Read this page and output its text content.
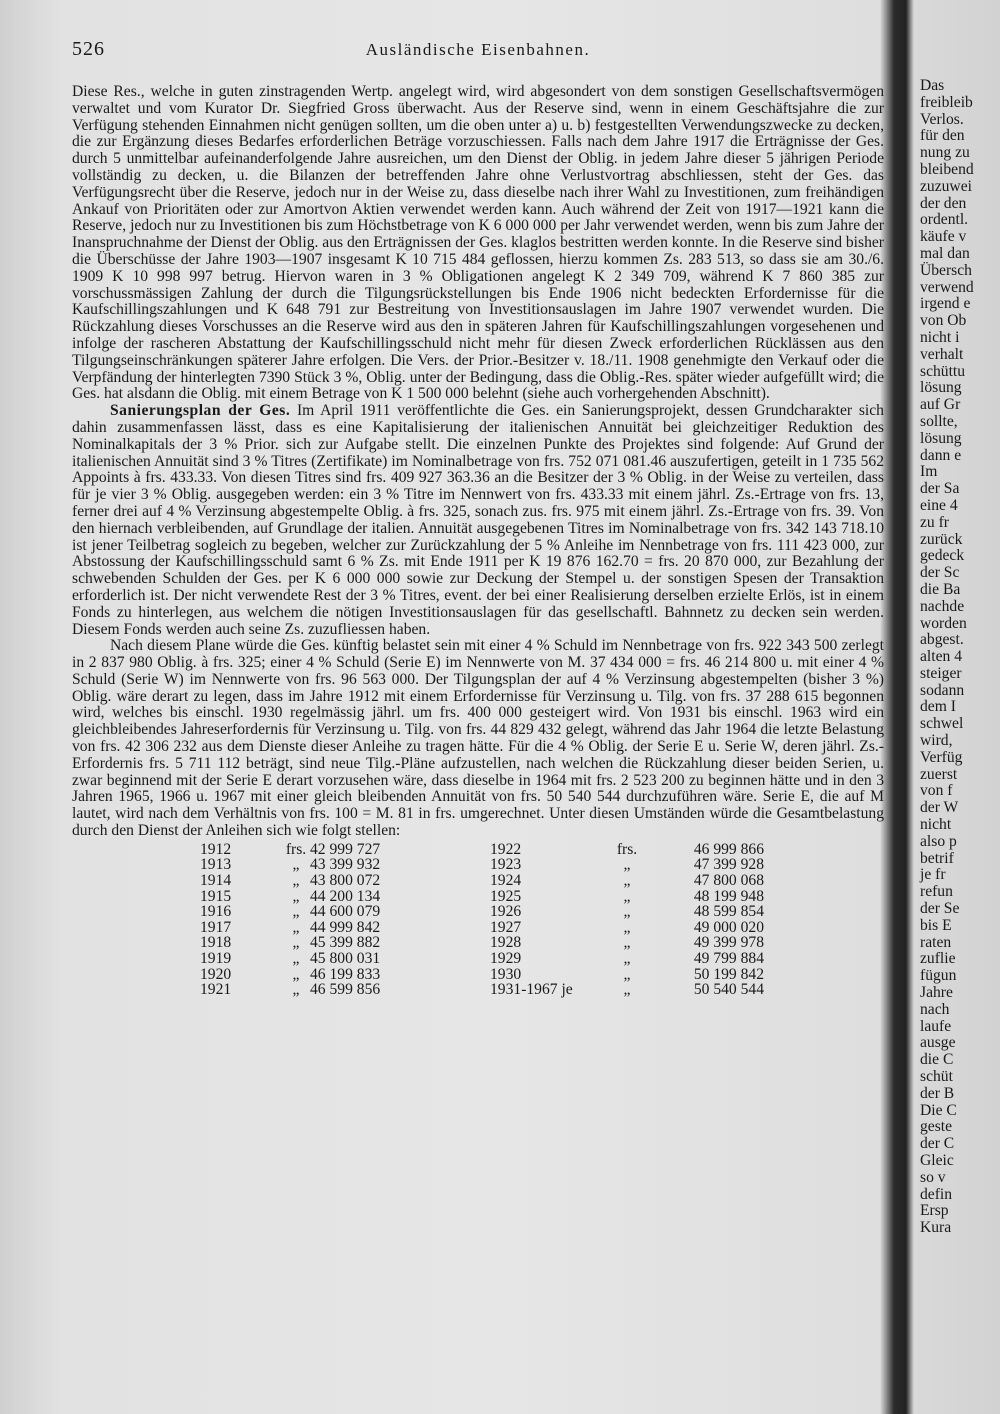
526	Ausländische Eisenbahnen.

Diese Res., welche in guten zinstragenden Wertp. angelegt wird, wird abgesondert von dem sonstigen Gesellschaftsvermögen verwaltet und vom Kurator Dr. Siegfried Gross überwacht. Aus der Reserve sind, wenn in einem Geschäftsjahre die zur Verfügung stehenden Einnahmen nicht genügen sollten, um die oben unter a) u. b) festgestellten Verwendungszwecke zu decken, die zur Ergänzung dieses Bedarfes erforderlichen Beträge vorzuschiessen. Falls nach dem Jahre 1917 die Erträgnisse der Ges. durch 5 unmittelbar aufeinanderfolgende Jahre ausreichen, um den Dienst der Oblig. in jedem Jahre dieser 5 jährigen Periode vollständig zu decken, u. die Bilanzen der betreffenden Jahre ohne Verlustvortrag abschliessen, steht der Ges. das Verfügungsrecht über die Reserve, jedoch nur in der Weise zu, dass dieselbe nach ihrer Wahl zu Investitionen, zum freihändigen Ankauf von Prioritäten oder zur Amortvon Aktien verwendet werden kann. Auch während der Zeit von 1917—1921 kann die Reserve, jedoch nur zu Investitionen bis zum Höchstbetrage von K 6 000 000 per Jahr verwendet werden, wenn bis zum Jahre der Inanspruchnahme der Dienst der Oblig. aus den Erträgnissen der Ges. klaglos bestritten werden konnte. In die Reserve sind bisher die Überschüsse der Jahre 1903—1907 insgesamt K 10 715 484 geflossen, hierzu kommen Zs. 283 513, so dass sie am 30./6. 1909 K 10 998 997 betrug. Hiervon waren in 3 % Obligationen angelegt K 2 349 709, während K 7 860 385 zur vorschussmässigen Zahlung der durch die Tilgungsrückstellungen bis Ende 1906 nicht bedeckten Erfordernisse für die Kaufschillingszahlungen und K 648 791 zur Bestreitung von Investitionsauslagen im Jahre 1907 verwendet wurden. Die Rückzahlung dieses Vorschusses an die Reserve wird aus den in späteren Jahren für Kaufschillingszahlungen vorgesehenen und infolge der rascheren Abstattung der Kaufschillingsschuld nicht mehr für diesen Zweck erforderlichen Rücklässen aus den Tilgungseinschränkungen späterer Jahre erfolgen. Die Vers. der Prior.-Besitzer v. 18./11. 1908 genehmigte den Verkauf oder die Verpfändung der hinterlegten 7390 Stück 3 %, Oblig. unter der Bedingung, dass die Oblig.-Res. später wieder aufgefüllt wird; die Ges. hat alsdann die Oblig. mit einem Betrage von K 1 500 000 belehnt (siehe auch vorhergehenden Abschnitt).

Sanierungsplan der Ges. Im April 1911 veröffentlichte die Ges. ein Sanierungsprojekt, dessen Grundcharakter sich dahin zusammenfassen lässt, dass es eine Kapitalisierung der italienischen Annuität bei gleichzeitiger Reduktion des Nominalkapitals der 3 % Prior. sich zur Aufgabe stellt. Die einzelnen Punkte des Projektes sind folgende: Auf Grund der italienischen Annuität sind 3 % Titres (Zertifikate) im Nominalbetrage von frs. 752 071 081.46 auszufertigen, geteilt in 1 735 562 Appoints à frs. 433.33. Von diesen Titres sind frs. 409 927 363.36 an die Besitzer der 3 % Oblig. in der Weise zu verteilen, dass für je vier 3 % Oblig. ausgegeben werden: ein 3 % Titre im Nennwert von frs. 433.33 mit einem jährl. Zs.-Ertrage von frs. 13, ferner drei auf 4 % Verzinsung abgestempelte Oblig. à frs. 325, sonach zus. frs. 975 mit einem jährl. Zs.-Ertrage von frs. 39. Von den hiernach verbleibenden, auf Grundlage der italien. Annuität ausgegebenen Titres im Nominalbetrage von frs. 342 143 718.10 ist jener Teilbetrag sogleich zu begeben, welcher zur Zurückzahlung der 5 % Anleihe im Nennbetrage von frs. 111 423 000, zur Abstossung der Kaufschillingsschuld samt 6 % Zs. mit Ende 1911 per K 19 876 162.70 = frs. 20 870 000, zur Bezahlung der schwebenden Schulden der Ges. per K 6 000 000 sowie zur Deckung der Stempel u. der sonstigen Spesen der Transaktion erforderlich ist. Der nicht verwendete Rest der 3 % Titres, event. der bei einer Realisierung derselben erzielte Erlös, ist in einem Fonds zu hinterlegen, aus welchem die nötigen Investitionsauslagen für das gesellschaftl. Bahnnetz zu decken sein werden. Diesem Fonds werden auch seine Zs. zuzufliessen haben.

Nach diesem Plane würde die Ges. künftig belastet sein mit einer 4 % Schuld im Nennbetrage von frs. 922 343 500 zerlegt in 2 837 980 Oblig. à frs. 325; einer 4 % Schuld (Serie E) im Nennwerte von M. 37 434 000 = frs. 46 214 800 u. mit einer 4 % Schuld (Serie W) im Nennwerte von frs. 96 563 000. Der Tilgungsplan der auf 4 % Verzinsung abgestempelten (bisher 3 %) Oblig. wäre derart zu legen, dass im Jahre 1912 mit einem Erfordernisse für Verzinsung u. Tilg. von frs. 37 288 615 begonnen wird, welches bis einschl. 1930 regelmässig jährl. um frs. 400 000 gesteigert wird. Von 1931 bis einschl. 1963 wird ein gleichbleibendes Jahreserfordernis für Verzinsung u. Tilg. von frs. 44 829 432 gelegt, während das Jahr 1964 die letzte Belastung von frs. 42 306 232 aus dem Dienste dieser Anleihe zu tragen hätte. Für die 4 % Oblig. der Serie E u. Serie W, deren jährl. Zs.-Erfordernis frs. 5 711 112 beträgt, sind neue Tilg.-Pläne aufzustellen, nach welchen die Rückzahlung dieser beiden Serien, u. zwar beginnend mit der Serie E derart vorzusehen wäre, dass dieselbe in 1964 mit frs. 2 523 200 zu beginnen hätte und in den 3 Jahren 1965, 1966 u. 1967 mit einer gleich bleibenden Annuität von frs. 50 540 544 durchzuführen wäre. Serie E, die auf M lautet, wird nach dem Verhältnis von frs. 100 = M. 81 in frs. umgerechnet. Unter diesen Umständen würde die Gesamtbelastung durch den Dienst der Anleihen sich wie folgt stellen:

1912	frs.	42 999 727	1922	frs.	46 999 866
1913	„	43 399 932	1923	„	47 399 928
1914	„	43 800 072	1924	„	47 800 068
1915	„	44 200 134	1925	„	48 199 948
1916	„	44 600 079	1926	„	48 599 854
1917	„	44 999 842	1927	„	49 000 020
1918	„	45 399 882	1928	„	49 399 978
1919	„	45 800 031	1929	„	49 799 884
1920	„	46 199 833	1930	„	50 199 842
1921	„	46 599 856	1931-1967 je	„	50 540 544
Das
freibleib
Verlos.
für den
nung zu
bleibend
zuzuwei
der den
ordentl.
käufe v
mal dan
Übersch
verwend
irgend e
von Ob
nicht i
verhalt
schüttu
lösung
auf Gr
sollte,
lösung
dann e
Im
der Sa
eine 4
zu fr
zurück
gedeck
der Sc
die Ba
nachde
worden
abgest.
alten 4
steiger
sodann
dem I
schwel
wird,
Verfüg
zuerst
von f
der W
nicht
also p
betrif
je fr
refun
der Se
bis E
raten
zuflie
fügun
Jahre
nach
laufe
ausge
die C
schüt
der B
Die C
geste
der C
Gleic
so v
defin
Ersp
Kura
